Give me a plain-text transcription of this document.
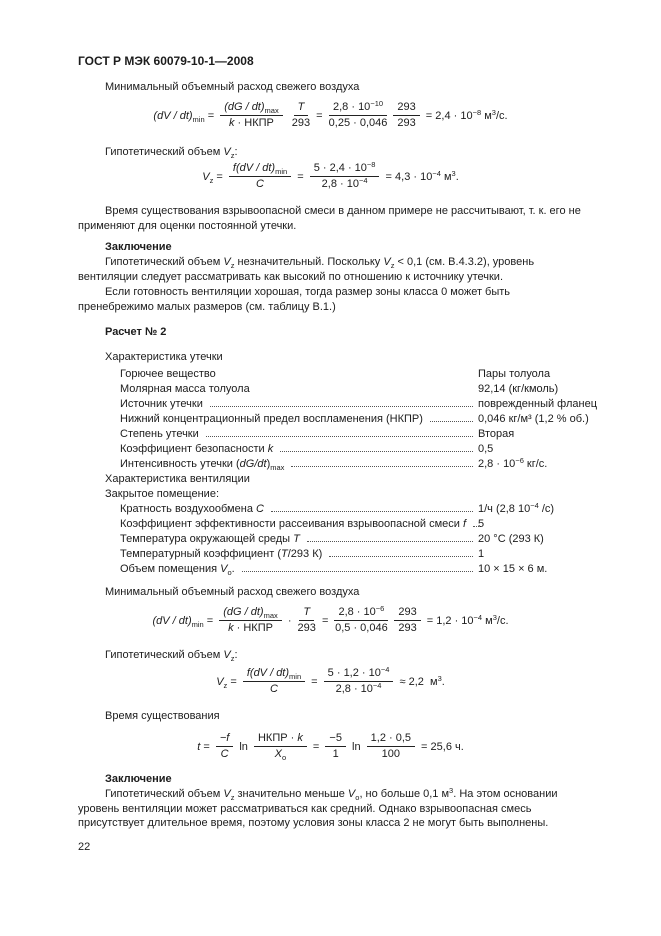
ГОСТ Р МЭК 60079-10-1—2008

Минимальный объемный расход свежего воздуха

$(dV / dt)_{min}$ =
$(dG / dt)_{max}$
k · НКПР
$\frac{T}{293} = \frac{2,8 \cdot 10^{-10}}{0,25 \cdot 0,046} \frac{293}{293} = 2,4 \cdot 10^{-8}$ $м^3/с$.

Гипотетический объем $V_z$:

$V_z$ =
$f(dV / dt)_{min}$
C
= $\frac{5 \cdot 2,4 \cdot 10^{-8}}{2,8 \cdot 10^{-4}} = 4,3 \cdot 10^{-4}$ $м^3$.

Время существования взрывоопасной смеси в данном примере не рассчитывают, т. к. его не применяют для оценки постоянной утечки.

Заключение

Гипотетический объем $V_z$ незначительный. Поскольку $V_z < 0,1$ (см. В.4.3.2), уровень вентиляции следует рассматривать как высокий по отношению к источнику утечки.

Если готовность вентиляции хорошая, тогда размер зоны класса 0 может быть пренебрежимо малых размеров (см. таблицу В.1.)

Расчет № 2

Характеристика утечки

Горючее вещество	Пары толуола
Молярная масса толуола	92,14 (кг/кмоль)
Источник утечки	поврежденный фланец
Нижний концентрационный предел воспламенения (НКПР)	0,046 кг/м³ (1,2 % об.)
Степень утечки	Вторая
Коэффициент безопасности k	0,5
Интенсивность утечки $(dG/dt)_{max}$	$2,8 \cdot 10^{-6}$ кг/с.

Характеристика вентиляции

Закрытое помещение:

Кратность воздухообмена C	1/ч (2,8 $10^{-4}$ /с)
Коэффициент эффективности рассеивания взрывоопасной смеси f 5
Температура окружающей среды T	20 °С (293 К)
Температурный коэффициент (T/293 К)	1
Объем помещения $V_о$.	10 × 15 × 6 м.

Минимальный объемный расход свежего воздуха

$(dV / dt)_{min}$ =
$(dG / dt)_{max}$
k · НКПР
· $\frac{T}{293} = \frac{2,8 \cdot 10^{-6}}{0,5 \cdot 0,046} \frac{293}{293} = 1,2 \cdot 10^{-4}$ $м^3/с$.

Гипотетический объем $V_z$:

$V_z$ =
$f(dV / dt)_{min}$
C
= $\frac{5 \cdot 1,2 \cdot 10^{-4}}{2,8 \cdot 10^{-4}} \approx 2,2$  $м^3$.

Время существования

$t = \frac{-f}{C}$ ln
НКПР · k
$X_о$
= $\frac{-5}{1}$ $\ln \frac{1,2 \cdot 0,5}{100} = 25,6$ ч.

Заключение

Гипотетический объем $V_z$ значительно меньше $V_о$, но больше 0,1 $м^3$. На этом основании уровень вентиляции может рассматриваться как средний. Однако взрывоопасная смесь присутствует длительное время, поэтому условия зоны класса 2 не могут быть выполнены.

22
